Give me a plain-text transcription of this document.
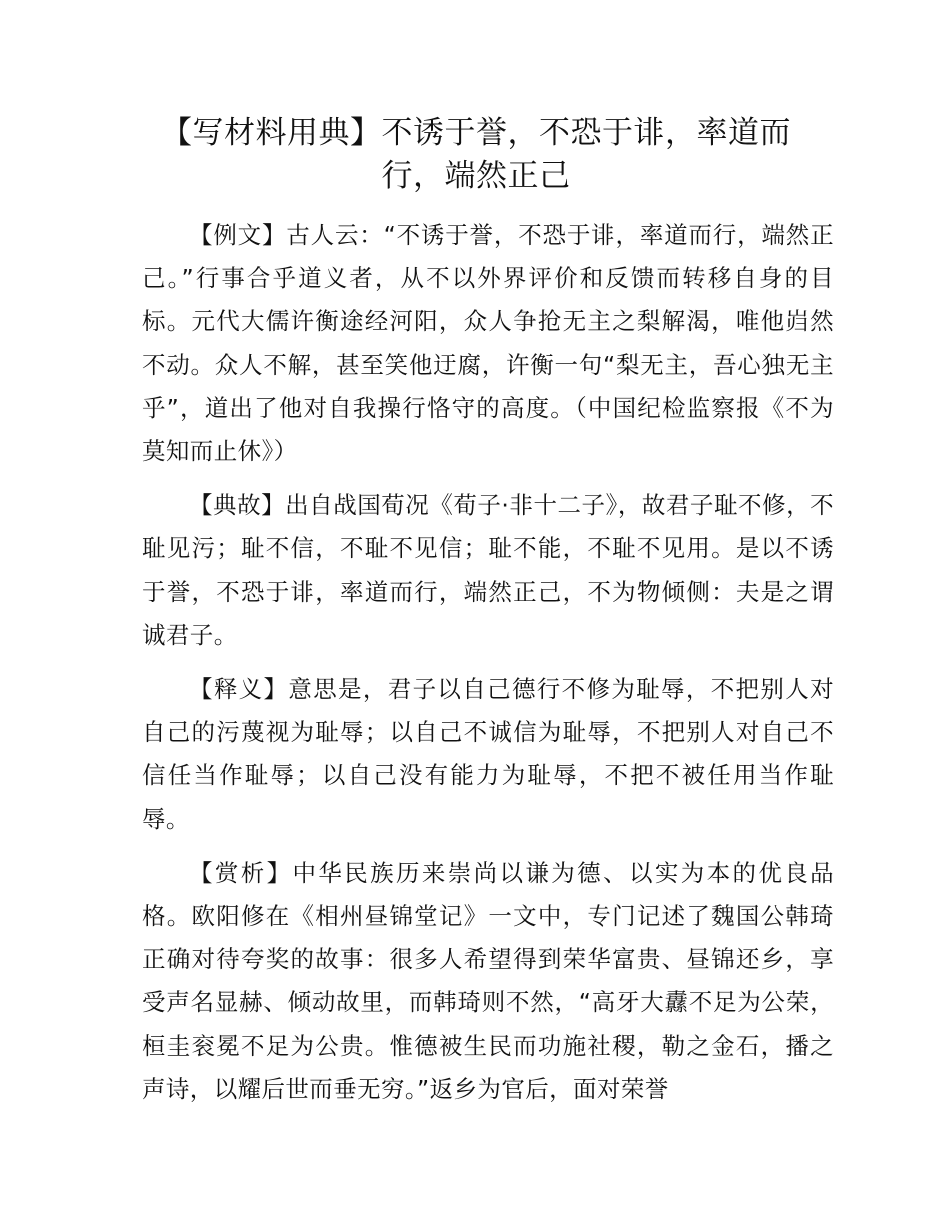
【写材料用典】不诱于誉，不恐于诽，率道而行，端然正己

【例文】古人云：“不诱于誉，不恐于诽，率道而行，端然正己。”行事合乎道义者，从不以外界评价和反馈而转移自身的目标。元代大儒许衡途经河阳，众人争抢无主之梨解渴，唯他岿然不动。众人不解，甚至笑他迂腐，许衡一句“梨无主，吾心独无主乎”，道出了他对自我操行恪守的高度。（中国纪检监察报《不为莫知而止休》）

【典故】出自战国荀况《荀子·非十二子》，故君子耻不修，不耻见污；耻不信，不耻不见信；耻不能，不耻不见用。是以不诱于誉，不恐于诽，率道而行，端然正己，不为物倾侧：夫是之谓诚君子。

【释义】意思是，君子以自己德行不修为耻辱，不把别人对自己的污蔑视为耻辱；以自己不诚信为耻辱，不把别人对自己不信任当作耻辱；以自己没有能力为耻辱，不把不被任用当作耻辱。

【赏析】中华民族历来崇尚以谦为德、以实为本的优良品格。欧阳修在《相州昼锦堂记》一文中，专门记述了魏国公韩琦正确对待夸奖的故事：很多人希望得到荣华富贵、昼锦还乡，享受声名显赫、倾动故里，而韩琦则不然，“高牙大纛不足为公荣，桓圭衮冕不足为公贵。惟德被生民而功施社稷，勒之金石，播之声诗，以耀后世而垂无穷。”返乡为官后，面对荣誉
